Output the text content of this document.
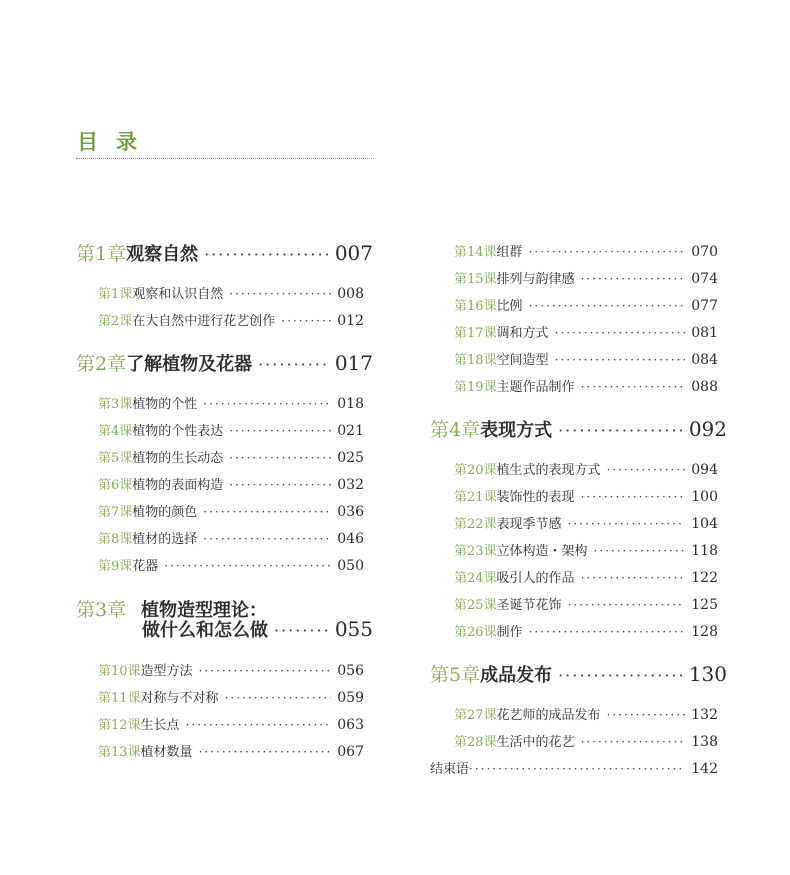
目录
第1章 观察自然 ·····	007
第1课 观察和认识自然 ·····	008
第2课 在大自然中进行花艺创作 ·····	012
第2章 了解植物及花器 ·····	017
第3课 植物的个性 ·····	018
第4课 植物的个性表达 ·····	021
第5课 植物的生长动态 ·····	025
第6课 植物的表面构造 ·····	032
第7课 植物的颜色 ·····	036
第8课 植材的选择 ·····	046
第9课 花器 ·····	050
第3章 植物造型理论：
做什么和怎么做 ·····	055
第10课 造型方法 ·····	056
第11课 对称与不对称 ·····	059
第12课 生长点 ·····	063
第13课 植材数量 ·····	067
第14课 组群 ·····	070
第15课 排列与韵律感 ·····	074
第16课 比例 ·····	077
第17课 调和方式 ·····	081
第18课 空间造型 ·····	084
第19课 主题作品制作 ·····	088
第4章 表现方式 ·····	092
第20课 植生式的表现方式 ·····	094
第21课 装饰性的表现 ·····	100
第22课 表现季节感 ·····	104
第23课 立体构造・架构 ·····	118
第24课 吸引人的作品 ·····	122
第25课 圣诞节花饰 ·····	125
第26课 制作 ·····	128
第5章 成品发布 ·····	130
第27课 花艺师的成品发布 ·····	132
第28课 生活中的花艺 ·····	138
结束语 ·····	142
